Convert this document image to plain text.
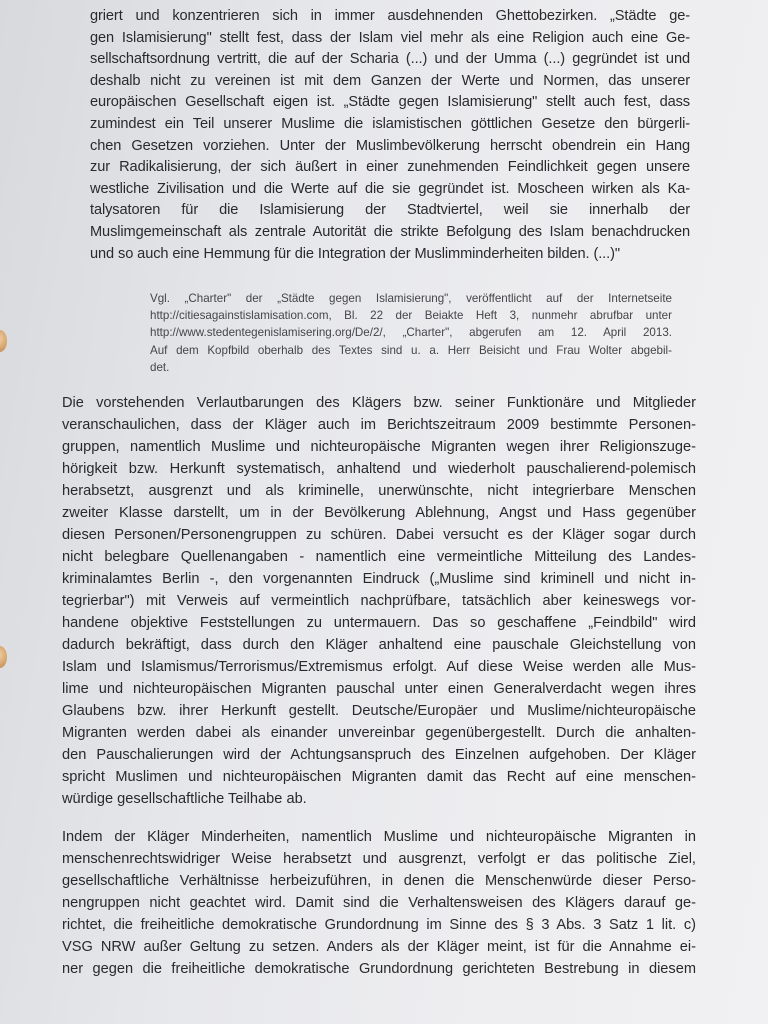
griert und konzentrieren sich in immer ausdehnenden Ghettobezirken. „Städte ge-
gen Islamisierung" stellt fest, dass der Islam viel mehr als eine Religion auch eine Ge-
sellschaftsordnung vertritt, die auf der Scharia (...) und der Umma (...) gegründet ist und
deshalb nicht zu vereinen ist mit dem Ganzen der Werte und Normen, das unserer
europäischen Gesellschaft eigen ist. „Städte gegen Islamisierung" stellt auch fest, dass
zumindest ein Teil unserer Muslime die islamistischen göttlichen Gesetze den bürgerli-
chen Gesetzen vorziehen. Unter der Muslimbevölkerung herrscht obendrein ein Hang
zur Radikalisierung, der sich äußert in einer zunehmenden Feindlichkeit gegen unsere
westliche Zivilisation und die Werte auf die sie gegründet ist. Moscheen wirken als Ka-
talysatoren für die Islamisierung der Stadtviertel, weil sie innerhalb der
Muslimgemeinschaft als zentrale Autorität die strikte Befolgung des Islam benachdrucken
und so auch eine Hemmung für die Integration der Muslimminderheiten bilden. (...)"
Vgl. „Charter" der „Städte gegen Islamisierung", veröffentlicht auf der Internetseite
http://citiesagainstislamisation.com, Bl. 22 der Beiakte Heft 3, nunmehr abrufbar unter
http://www.stedentegenislamisering.org/De/2/, „Charter", abgerufen am 12. April 2013.
Auf dem Kopfbild oberhalb des Textes sind u. a. Herr Beisicht und Frau Wolter abgebil-
det.
Die vorstehenden Verlautbarungen des Klägers bzw. seiner Funktionäre und Mitglieder
veranschaulichen, dass der Kläger auch im Berichtszeitraum 2009 bestimmte Personen-
gruppen, namentlich Muslime und nichteuropäische Migranten wegen ihrer Religionszuge-
hörigkeit bzw. Herkunft systematisch, anhaltend und wiederholt pauschalierend-polemisch
herabsetzt, ausgrenzt und als kriminelle, unerwünschte, nicht integrierbare Menschen
zweiter Klasse darstellt, um in der Bevölkerung Ablehnung, Angst und Hass gegenüber
diesen Personen/Personengruppen zu schüren. Dabei versucht es der Kläger sogar durch
nicht belegbare Quellenangaben - namentlich eine vermeintliche Mitteilung des Landes-
kriminalamtes Berlin -, den vorgenannten Eindruck („Muslime sind kriminell und nicht in-
tegrierbar") mit Verweis auf vermeintlich nachprüfbare, tatsächlich aber keineswegs vor-
handene objektive Feststellungen zu untermauern. Das so geschaffene „Feindbild" wird
dadurch bekräftigt, dass durch den Kläger anhaltend eine pauschale Gleichstellung von
Islam und Islamismus/Terrorismus/Extremismus erfolgt. Auf diese Weise werden alle Mus-
lime und nichteuropäischen Migranten pauschal unter einen Generalverdacht wegen ihres
Glaubens bzw. ihrer Herkunft gestellt. Deutsche/Europäer und Muslime/nichteuropäische
Migranten werden dabei als einander unvereinbar gegenübergestellt. Durch die anhalten-
den Pauschalierungen wird der Achtungsanspruch des Einzelnen aufgehoben. Der Kläger
spricht Muslimen und nichteuropäischen Migranten damit das Recht auf eine menschen-
würdige gesellschaftliche Teilhabe ab.
Indem der Kläger Minderheiten, namentlich Muslime und nichteuropäische Migranten in
menschenrechtswidriger Weise herabsetzt und ausgrenzt, verfolgt er das politische Ziel,
gesellschaftliche Verhältnisse herbeizuführen, in denen die Menschenwürde dieser Perso-
nengruppen nicht geachtet wird. Damit sind die Verhaltensweisen des Klägers darauf ge-
richtet, die freiheitliche demokratische Grundordnung im Sinne des § 3 Abs. 3 Satz 1 lit. c)
VSG NRW außer Geltung zu setzen. Anders als der Kläger meint, ist für die Annahme ei-
ner gegen die freiheitliche demokratische Grundordnung gerichteten Bestrebung in diesem
